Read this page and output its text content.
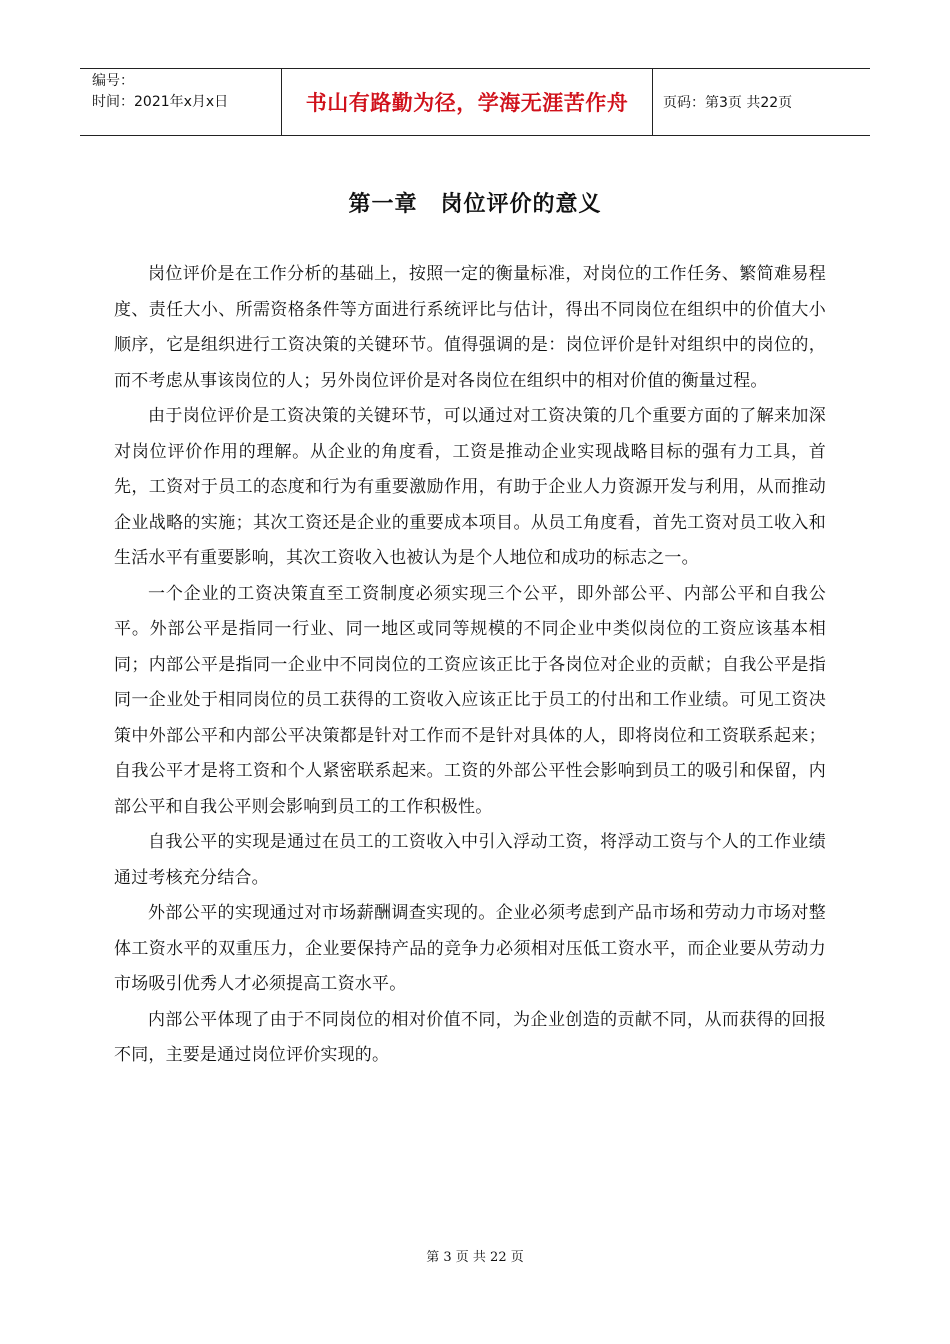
编号：
时间：2021年x月x日	书山有路勤为径，学海无涯苦作舟 页码：第3页 共22页
第一章　岗位评价的意义

岗位评价是在工作分析的基础上，按照一定的衡量标准，对岗位的工作任务、繁简难易程度、责任大小、所需资格条件等方面进行系统评比与估计，得出不同岗位在组织中的价值大小顺序，它是组织进行工资决策的关键环节。值得强调的是：岗位评价是针对组织中的岗位的，而不考虑从事该岗位的人；另外岗位评价是对各岗位在组织中的相对价值的衡量过程。

由于岗位评价是工资决策的关键环节，可以通过对工资决策的几个重要方面的了解来加深对岗位评价作用的理解。从企业的角度看，工资是推动企业实现战略目标的强有力工具，首先，工资对于员工的态度和行为有重要激励作用，有助于企业人力资源开发与利用，从而推动企业战略的实施；其次工资还是企业的重要成本项目。从员工角度看，首先工资对员工收入和生活水平有重要影响，其次工资收入也被认为是个人地位和成功的标志之一。

一个企业的工资决策直至工资制度必须实现三个公平，即外部公平、内部公平和自我公平。外部公平是指同一行业、同一地区或同等规模的不同企业中类似岗位的工资应该基本相同；内部公平是指同一企业中不同岗位的工资应该正比于各岗位对企业的贡献；自我公平是指同一企业处于相同岗位的员工获得的工资收入应该正比于员工的付出和工作业绩。可见工资决策中外部公平和内部公平决策都是针对工作而不是针对具体的人，即将岗位和工资联系起来；自我公平才是将工资和个人紧密联系起来。工资的外部公平性会影响到员工的吸引和保留，内部公平和自我公平则会影响到员工的工作积极性。

自我公平的实现是通过在员工的工资收入中引入浮动工资，将浮动工资与个人的工作业绩通过考核充分结合。

外部公平的实现通过对市场薪酬调查实现的。企业必须考虑到产品市场和劳动力市场对整体工资水平的双重压力，企业要保持产品的竞争力必须相对压低工资水平，而企业要从劳动力市场吸引优秀人才必须提高工资水平。

内部公平体现了由于不同岗位的相对价值不同，为企业创造的贡献不同，从而获得的回报不同，主要是通过岗位评价实现的。

第 3 页 共 22 页
